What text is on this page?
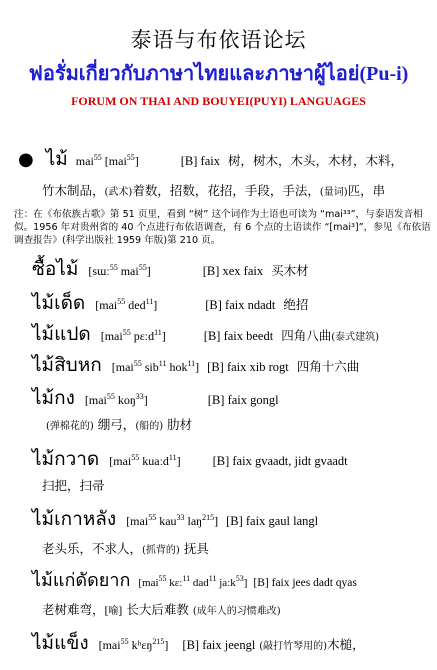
泰语与布依语论坛
ฟอรั่มเกี่ยวกับภาษาไทยและภาษาผู้ไอย่(Pu-i)
FORUM ON THAI AND BOUYEI(PUYI) LANGUAGES
● ไม้ mai$^{55}$ [mai$^{55}$]	[B] faix 树，树木，木头，木材，木料，
竹木制品，(武术)着数，招数，花招，手段，手法，(量词)匹，串
注：在《布依族古歌》第 51 页里，看到 “树” 这个词作为土语也可读为 “mai³³”，与泰语发音相似。1956 年对贵州省的 40 个点进行布依语调查，有 6 个点的土语读作 “[mai³]”，参见《布依语调查报告》(科学出版社 1959 年版)第 210 页。
ซื้อไม้ [sɯː$^{55}$ mai$^{55}$]	[B] xex faix 买木材
ไม้เด็ด [mai$^{55}$ ded$^{11}$]	[B] faix ndadt 绝招
ไม้แปด [mai$^{55}$ pɛːd$^{11}$]	[B] faix beedt 四角八曲(泰式建筑)
ไม้สิบหก [mai$^{55}$ sib$^{11}$ hok$^{11}$] [B] faix xib rogt 四角十六曲
ไม้กง [mai$^{55}$ koŋ$^{33}$]	[B] faix gongl
(弹棉花的) 绷弓，(船的) 肋材
ไม้กวาด [mai$^{55}$ kuaːd$^{11}$]	[B] faix gvaadt, jidt gvaadt
扫把，扫帚
ไม้เกาหลัง [mai$^{55}$ kau$^{33}$ laŋ$^{215}$] [B] faix gaul langl
老头乐，不求人，(抓背的) 抚具
ไม้แก่ดัดยาก [mai$^{55}$ kɛː$^{11}$ dad$^{11}$ jaːk$^{53}$] [B] faix jees dadt qyas
老树难弯，[喻] 长大后难教 (成年人的习惯难改)
ไม้แข็ง [mai$^{55}$ kʰɛŋ$^{215}$] [B] faix jeengl (敲打竹琴用的)木槌，
